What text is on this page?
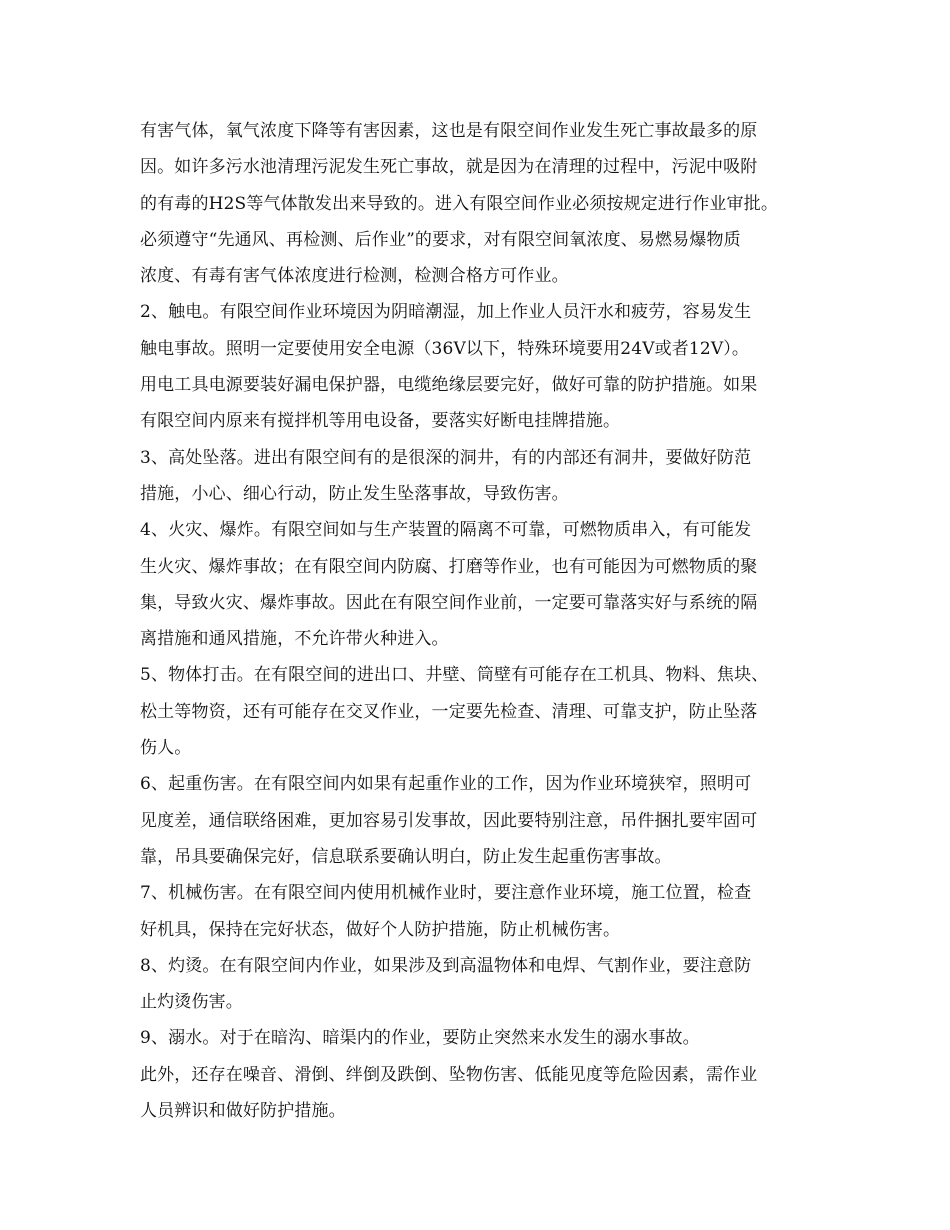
有害气体，氧气浓度下降等有害因素，这也是有限空间作业发生死亡事故最多的原
因。如许多污水池清理污泥发生死亡事故，就是因为在清理的过程中，污泥中吸附
的有毒的H2S等气体散发出来导致的。进入有限空间作业必须按规定进行作业审批。
必须遵守“先通风、再检测、后作业”的要求，对有限空间氧浓度、易燃易爆物质
浓度、有毒有害气体浓度进行检测，检测合格方可作业。
2、触电。有限空间作业环境因为阴暗潮湿，加上作业人员汗水和疲劳，容易发生
触电事故。照明一定要使用安全电源（36V以下，特殊环境要用24V或者12V）。
用电工具电源要装好漏电保护器，电缆绝缘层要完好，做好可靠的防护措施。如果
有限空间内原来有搅拌机等用电设备，要落实好断电挂牌措施。
3、高处坠落。进出有限空间有的是很深的洞井，有的内部还有洞井，要做好防范
措施，小心、细心行动，防止发生坠落事故，导致伤害。
4、火灾、爆炸。有限空间如与生产装置的隔离不可靠，可燃物质串入，有可能发
生火灾、爆炸事故；在有限空间内防腐、打磨等作业，也有可能因为可燃物质的聚
集，导致火灾、爆炸事故。因此在有限空间作业前，一定要可靠落实好与系统的隔
离措施和通风措施，不允许带火种进入。
5、物体打击。在有限空间的进出口、井壁、筒壁有可能存在工机具、物料、焦块、
松土等物资，还有可能存在交叉作业，一定要先检查、清理、可靠支护，防止坠落
伤人。
6、起重伤害。在有限空间内如果有起重作业的工作，因为作业环境狭窄，照明可
见度差，通信联络困难，更加容易引发事故，因此要特别注意，吊件捆扎要牢固可
靠，吊具要确保完好，信息联系要确认明白，防止发生起重伤害事故。
7、机械伤害。在有限空间内使用机械作业时，要注意作业环境，施工位置，检查
好机具，保持在完好状态，做好个人防护措施，防止机械伤害。
8、灼烫。在有限空间内作业，如果涉及到高温物体和电焊、气割作业，要注意防
止灼烫伤害。
9、溺水。对于在暗沟、暗渠内的作业，要防止突然来水发生的溺水事故。
此外，还存在噪音、滑倒、绊倒及跌倒、坠物伤害、低能见度等危险因素，需作业
人员辨识和做好防护措施。
